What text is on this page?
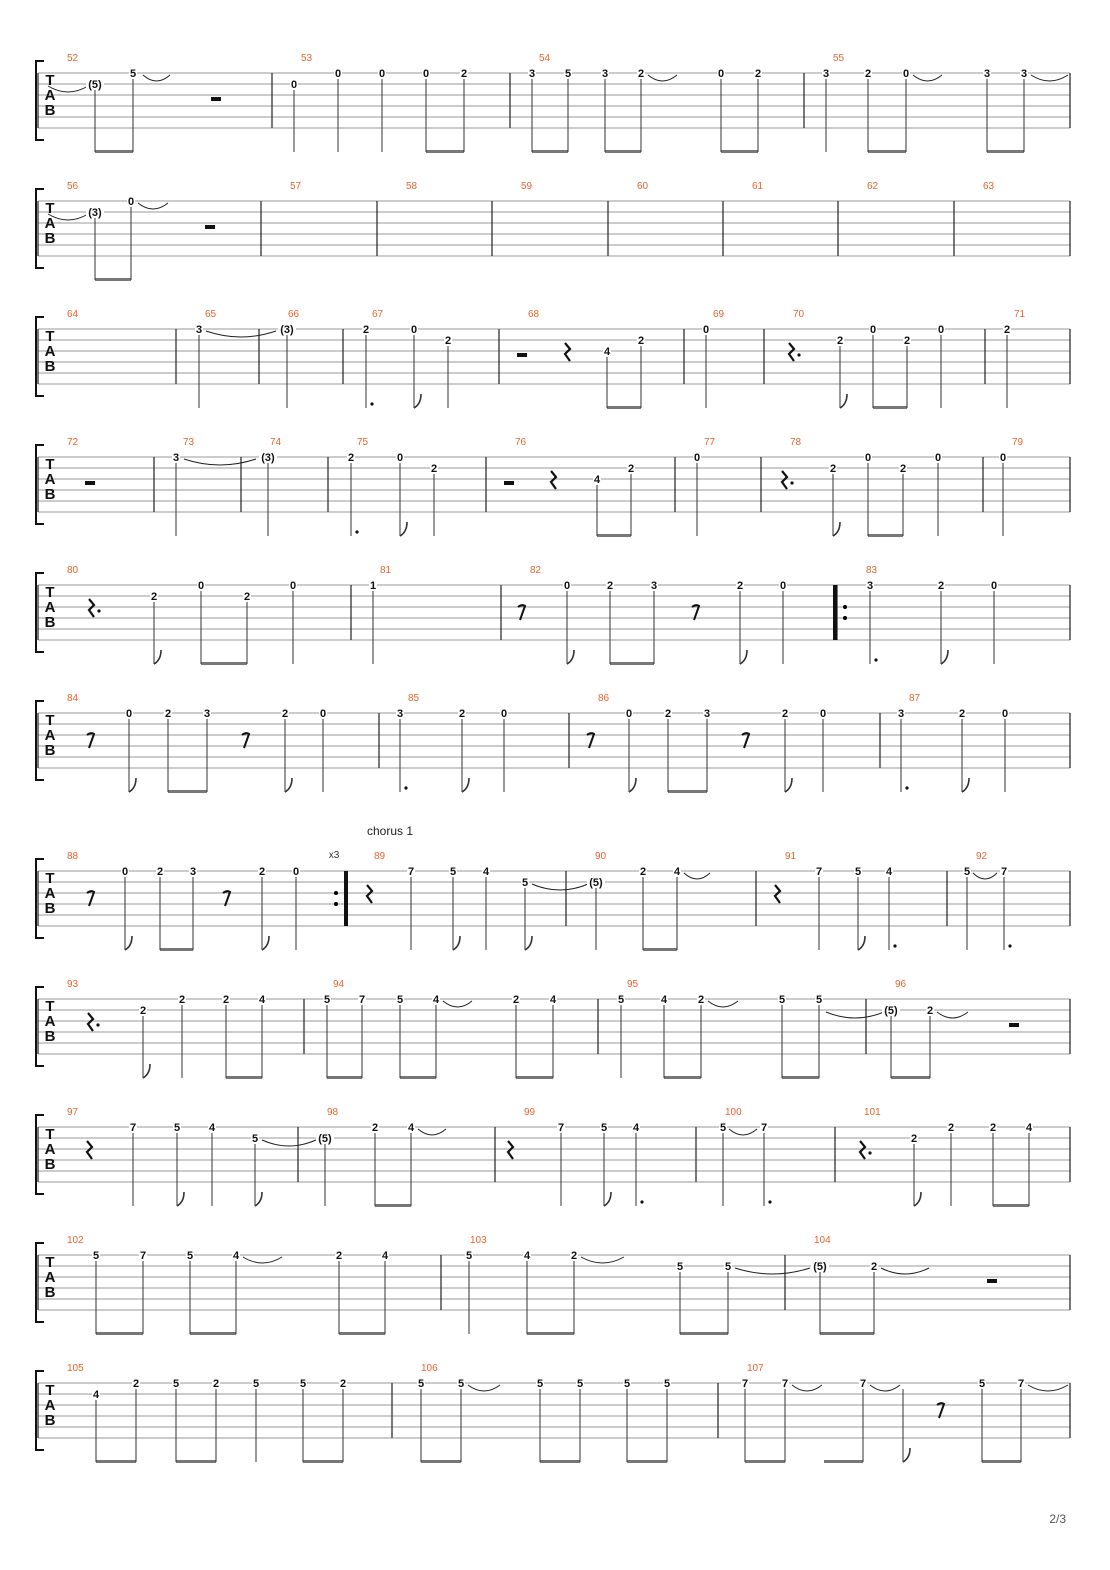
T
A
B
52
(5)
5
53
0
0	0	0	2
54
3	5	3	2	0	2
55
3	2	0	3	3
T
A
B
56
(3)
0
57	58	59	60	61	62	63
T
A
B
64	65
3
66
(3)
67
2	0
2
68
4
2
69
0
70
2
0
2
0
71
2
T
A
B
72	73
3
74
(3)
75
2	0
2
76
4
2
77
0
78
2
0
2
0
79
0
T
A
B
80
2
0
2
0
81
1
82
0	2	3	2	0
83
3	2	0
T
A
B
84
0	2	3	2	0
85
3	2	0
86
0	2	3	2	0
87
3	2	0
T
A
B
88
0	2 3	2	0
89
7	5 4
5
90
(5)
2	4
91
7	5 4
92
5	7
T
A
B
93
2
2	2	4
94
5	7	5	4	2	4
95
5	4	2	5	5
96
(5)	2
T
A
B
97
7	5	4
5
98
(5)
2	4
99
7	5 4
100
5	7
101
2
2	2	4
T
A
B
102
5	7	5	4	2	4
103
5	4	2
5	5
104
(5)	2
T
A
B
105
4
2	5	2	5	5	2
106
5	5	5	5	5	5
107
7	7	7	5	7
chorus 1
x3
2/3
